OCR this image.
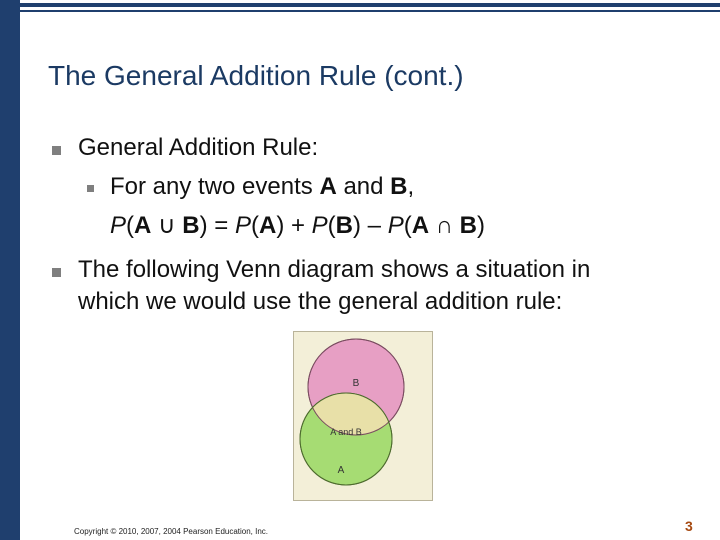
The General Addition Rule (cont.)
General Addition Rule:
For any two events A and B,
P(A ∪ B) = P(A) + P(B) – P(A ∩ B)
The following Venn diagram shows a situation in
which we would use the general addition rule:
B
A and B
A
Copyright © 2010, 2007, 2004 Pearson Education, Inc.	3
